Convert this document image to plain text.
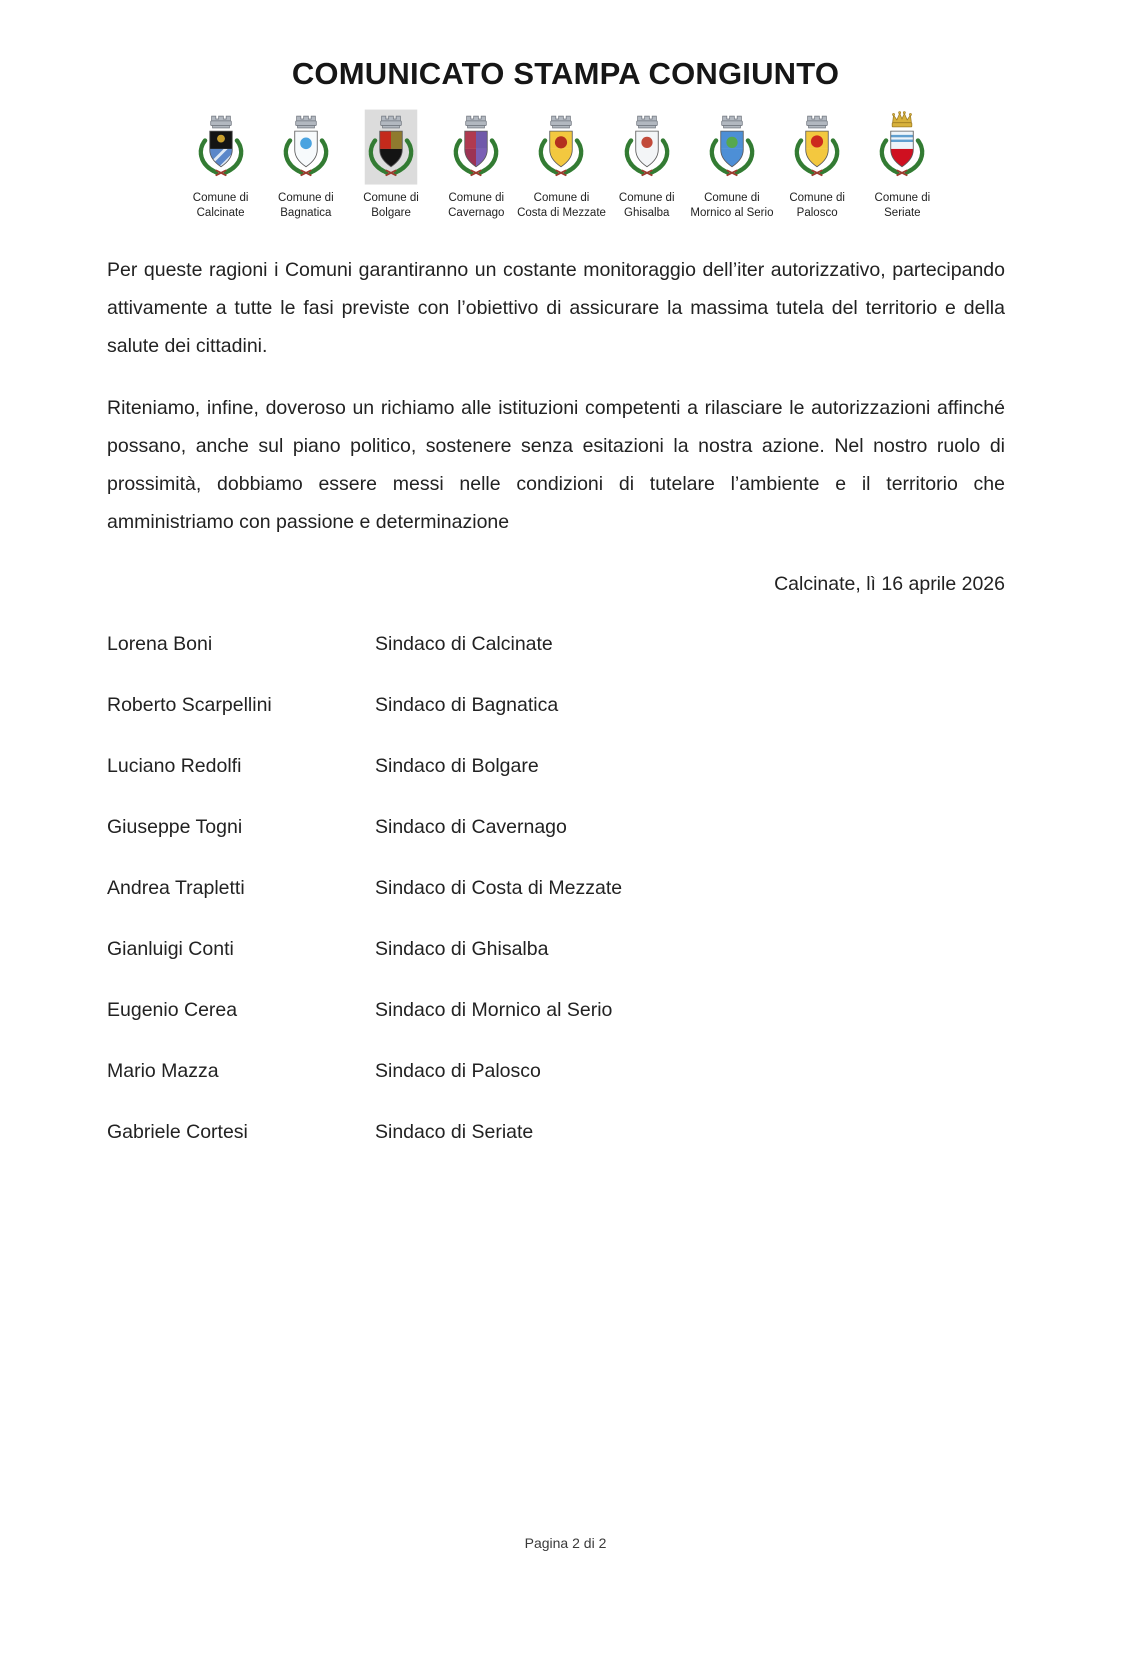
COMUNICATO STAMPA CONGIUNTO
Comune di
Calcinate
Comune di
Bagnatica
Comune di
Bolgare
Comune di
Cavernago
Comune di
Costa di Mezzate
Comune di
Ghisalba
Comune di
Mornico al Serio
Comune di
Palosco
Comune di
Seriate

Per queste ragioni i Comuni garantiranno un costante monitoraggio dell’iter autorizzativo, partecipando attivamente a tutte le fasi previste con l’obiettivo di assicurare la massima tutela del territorio e della salute dei cittadini.

Riteniamo, infine, doveroso un richiamo alle istituzioni competenti a rilasciare le autorizzazioni affinché possano, anche sul piano politico, sostenere senza esitazioni la nostra azione. Nel nostro ruolo di prossimità, dobbiamo essere messi nelle condizioni di tutelare l’ambiente e il territorio che amministriamo con passione e determinazione

Calcinate, lì 16 aprile 2026
Lorena Boni	Sindaco di Calcinate
Roberto Scarpellini	Sindaco di Bagnatica
Luciano Redolfi	Sindaco di Bolgare
Giuseppe Togni	Sindaco di Cavernago
Andrea Trapletti	Sindaco di Costa di Mezzate
Gianluigi Conti	Sindaco di Ghisalba
Eugenio Cerea	Sindaco di Mornico al Serio
Mario Mazza	Sindaco di Palosco
Gabriele Cortesi	Sindaco di Seriate
Pagina 2 di 2
